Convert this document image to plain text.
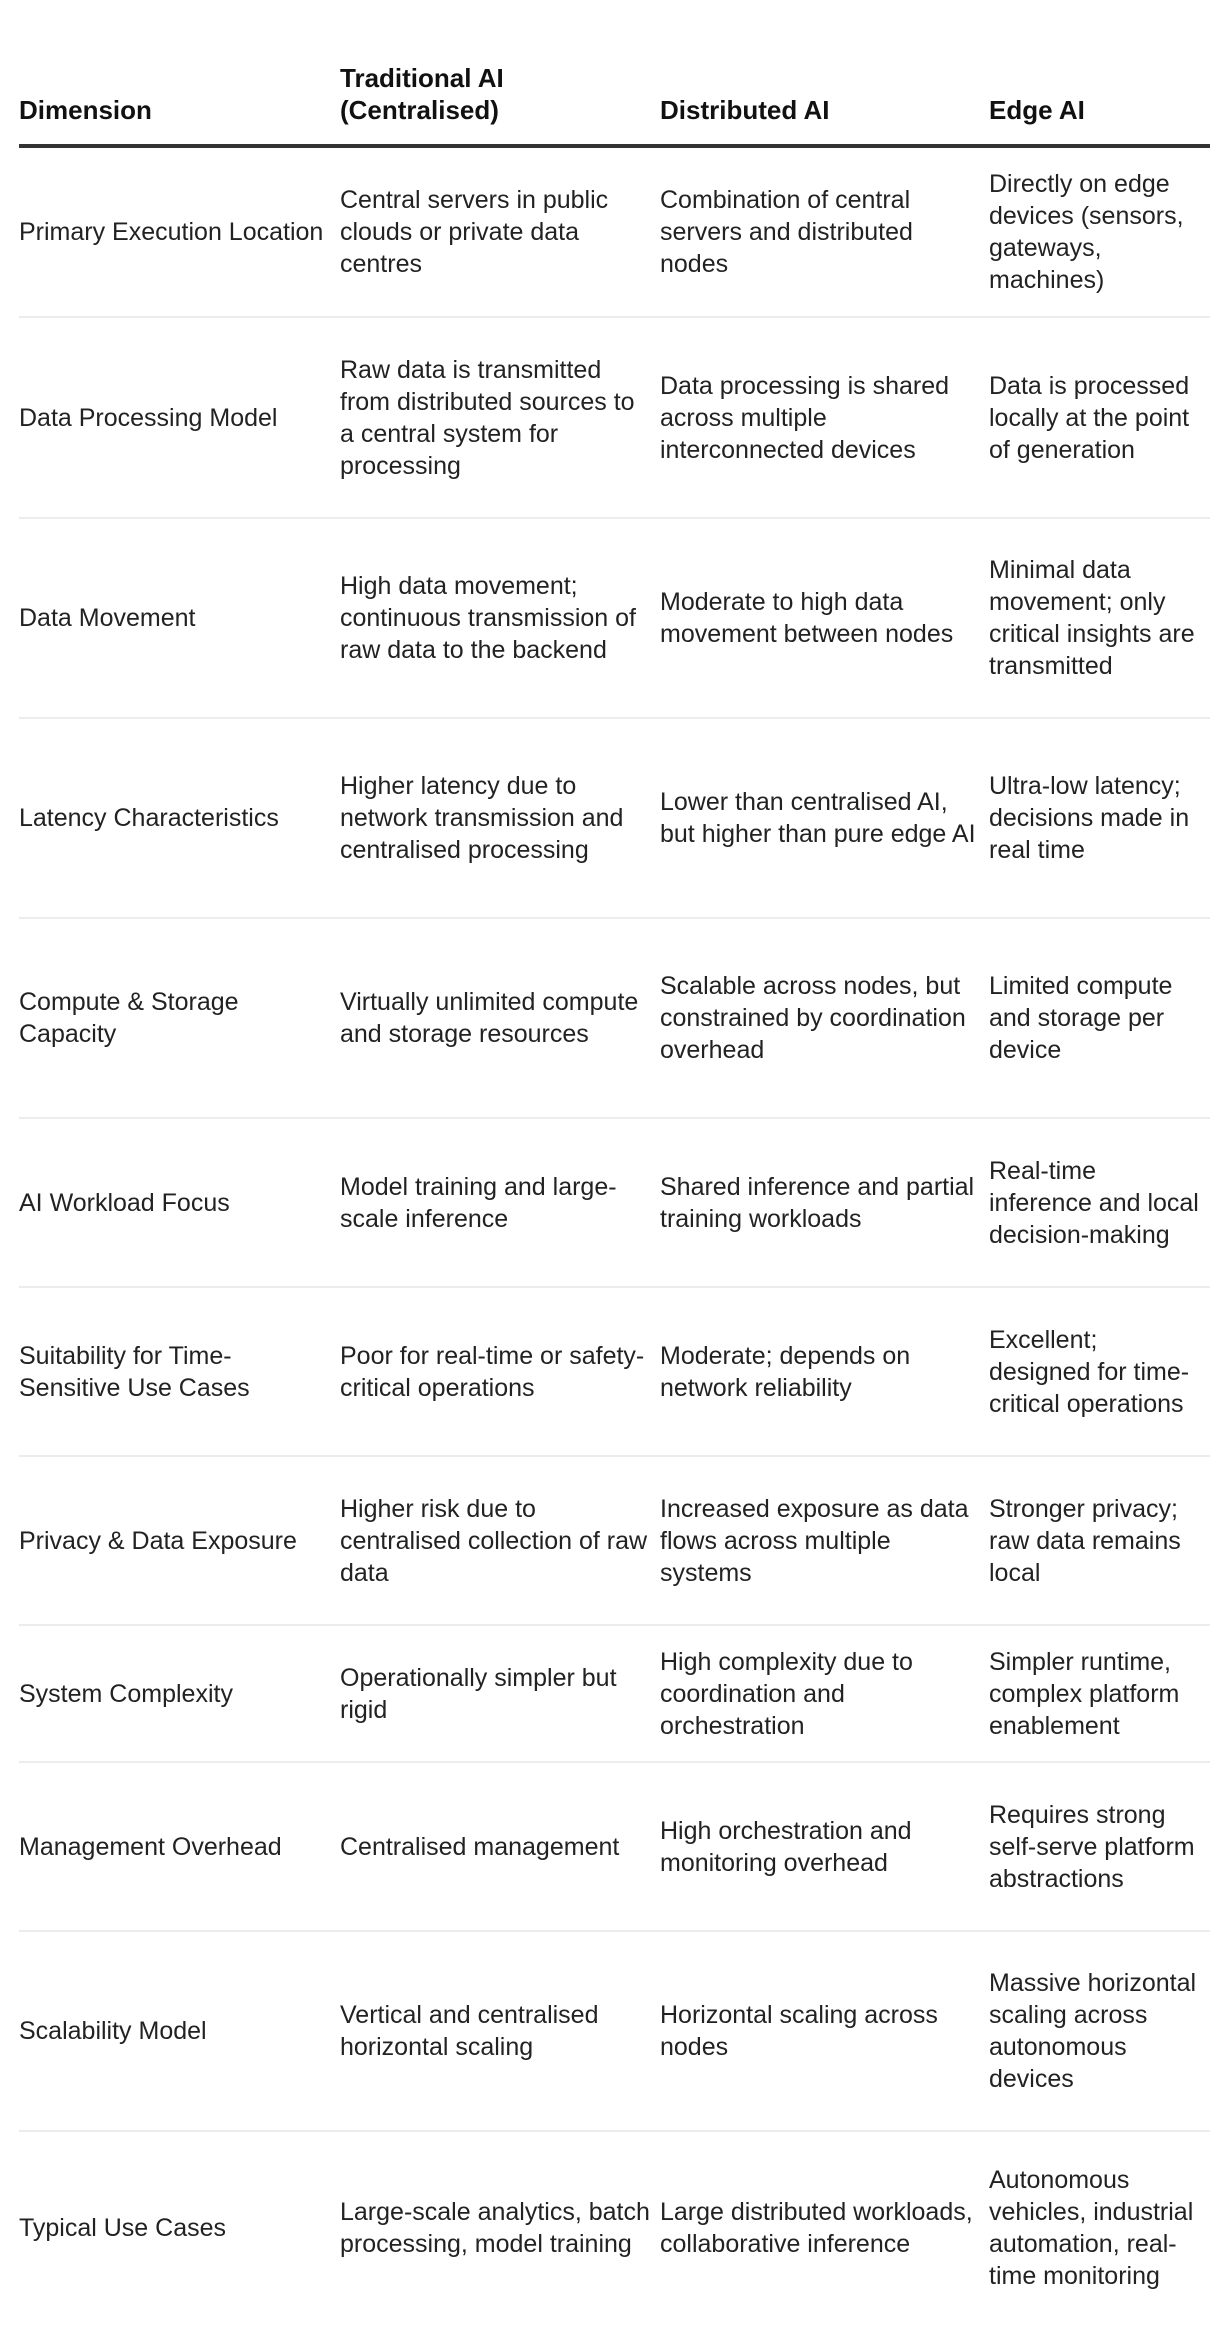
Dimension	Traditional AI (Centralised)	Distributed AI	Edge AI
Primary Execution Location	Central servers in public clouds or private data centres	Combination of central servers and distributed nodes	Directly on edge devices (sensors, gateways, machines)
Data Processing Model	Raw data is transmitted from distributed sources to a central system for processing	Data processing is shared across multiple interconnected devices	Data is processed locally at the point of generation
Data Movement	High data movement; continuous transmission of raw data to the backend	Moderate to high data movement between nodes	Minimal data movement; only critical insights are transmitted
Latency Characteristics	Higher latency due to network transmission and centralised processing	Lower than centralised AI, but higher than pure edge AI	Ultra-low latency; decisions made in real time
Compute & Storage Capacity	Virtually unlimited compute and storage resources	Scalable across nodes, but constrained by coordination overhead	Limited compute and storage per device
AI Workload Focus	Model training and large-scale inference	Shared inference and partial training workloads	Real-time inference and local decision-making
Suitability for Time-Sensitive Use Cases	Poor for real-time or safety-critical operations	Moderate; depends on network reliability	Excellent; designed for time-critical operations
Privacy & Data Exposure	Higher risk due to centralised collection of raw data	Increased exposure as data flows across multiple systems	Stronger privacy; raw data remains local
System Complexity	Operationally simpler but rigid	High complexity due to coordination and orchestration	Simpler runtime, complex platform enablement
Management Overhead	Centralised management	High orchestration and monitoring overhead	Requires strong self-serve platform abstractions
Scalability Model	Vertical and centralised horizontal scaling	Horizontal scaling across nodes	Massive horizontal scaling across autonomous devices
Typical Use Cases	Large-scale analytics, batch processing, model training	Large distributed workloads, collaborative inference	Autonomous vehicles, industrial automation, real-time monitoring
